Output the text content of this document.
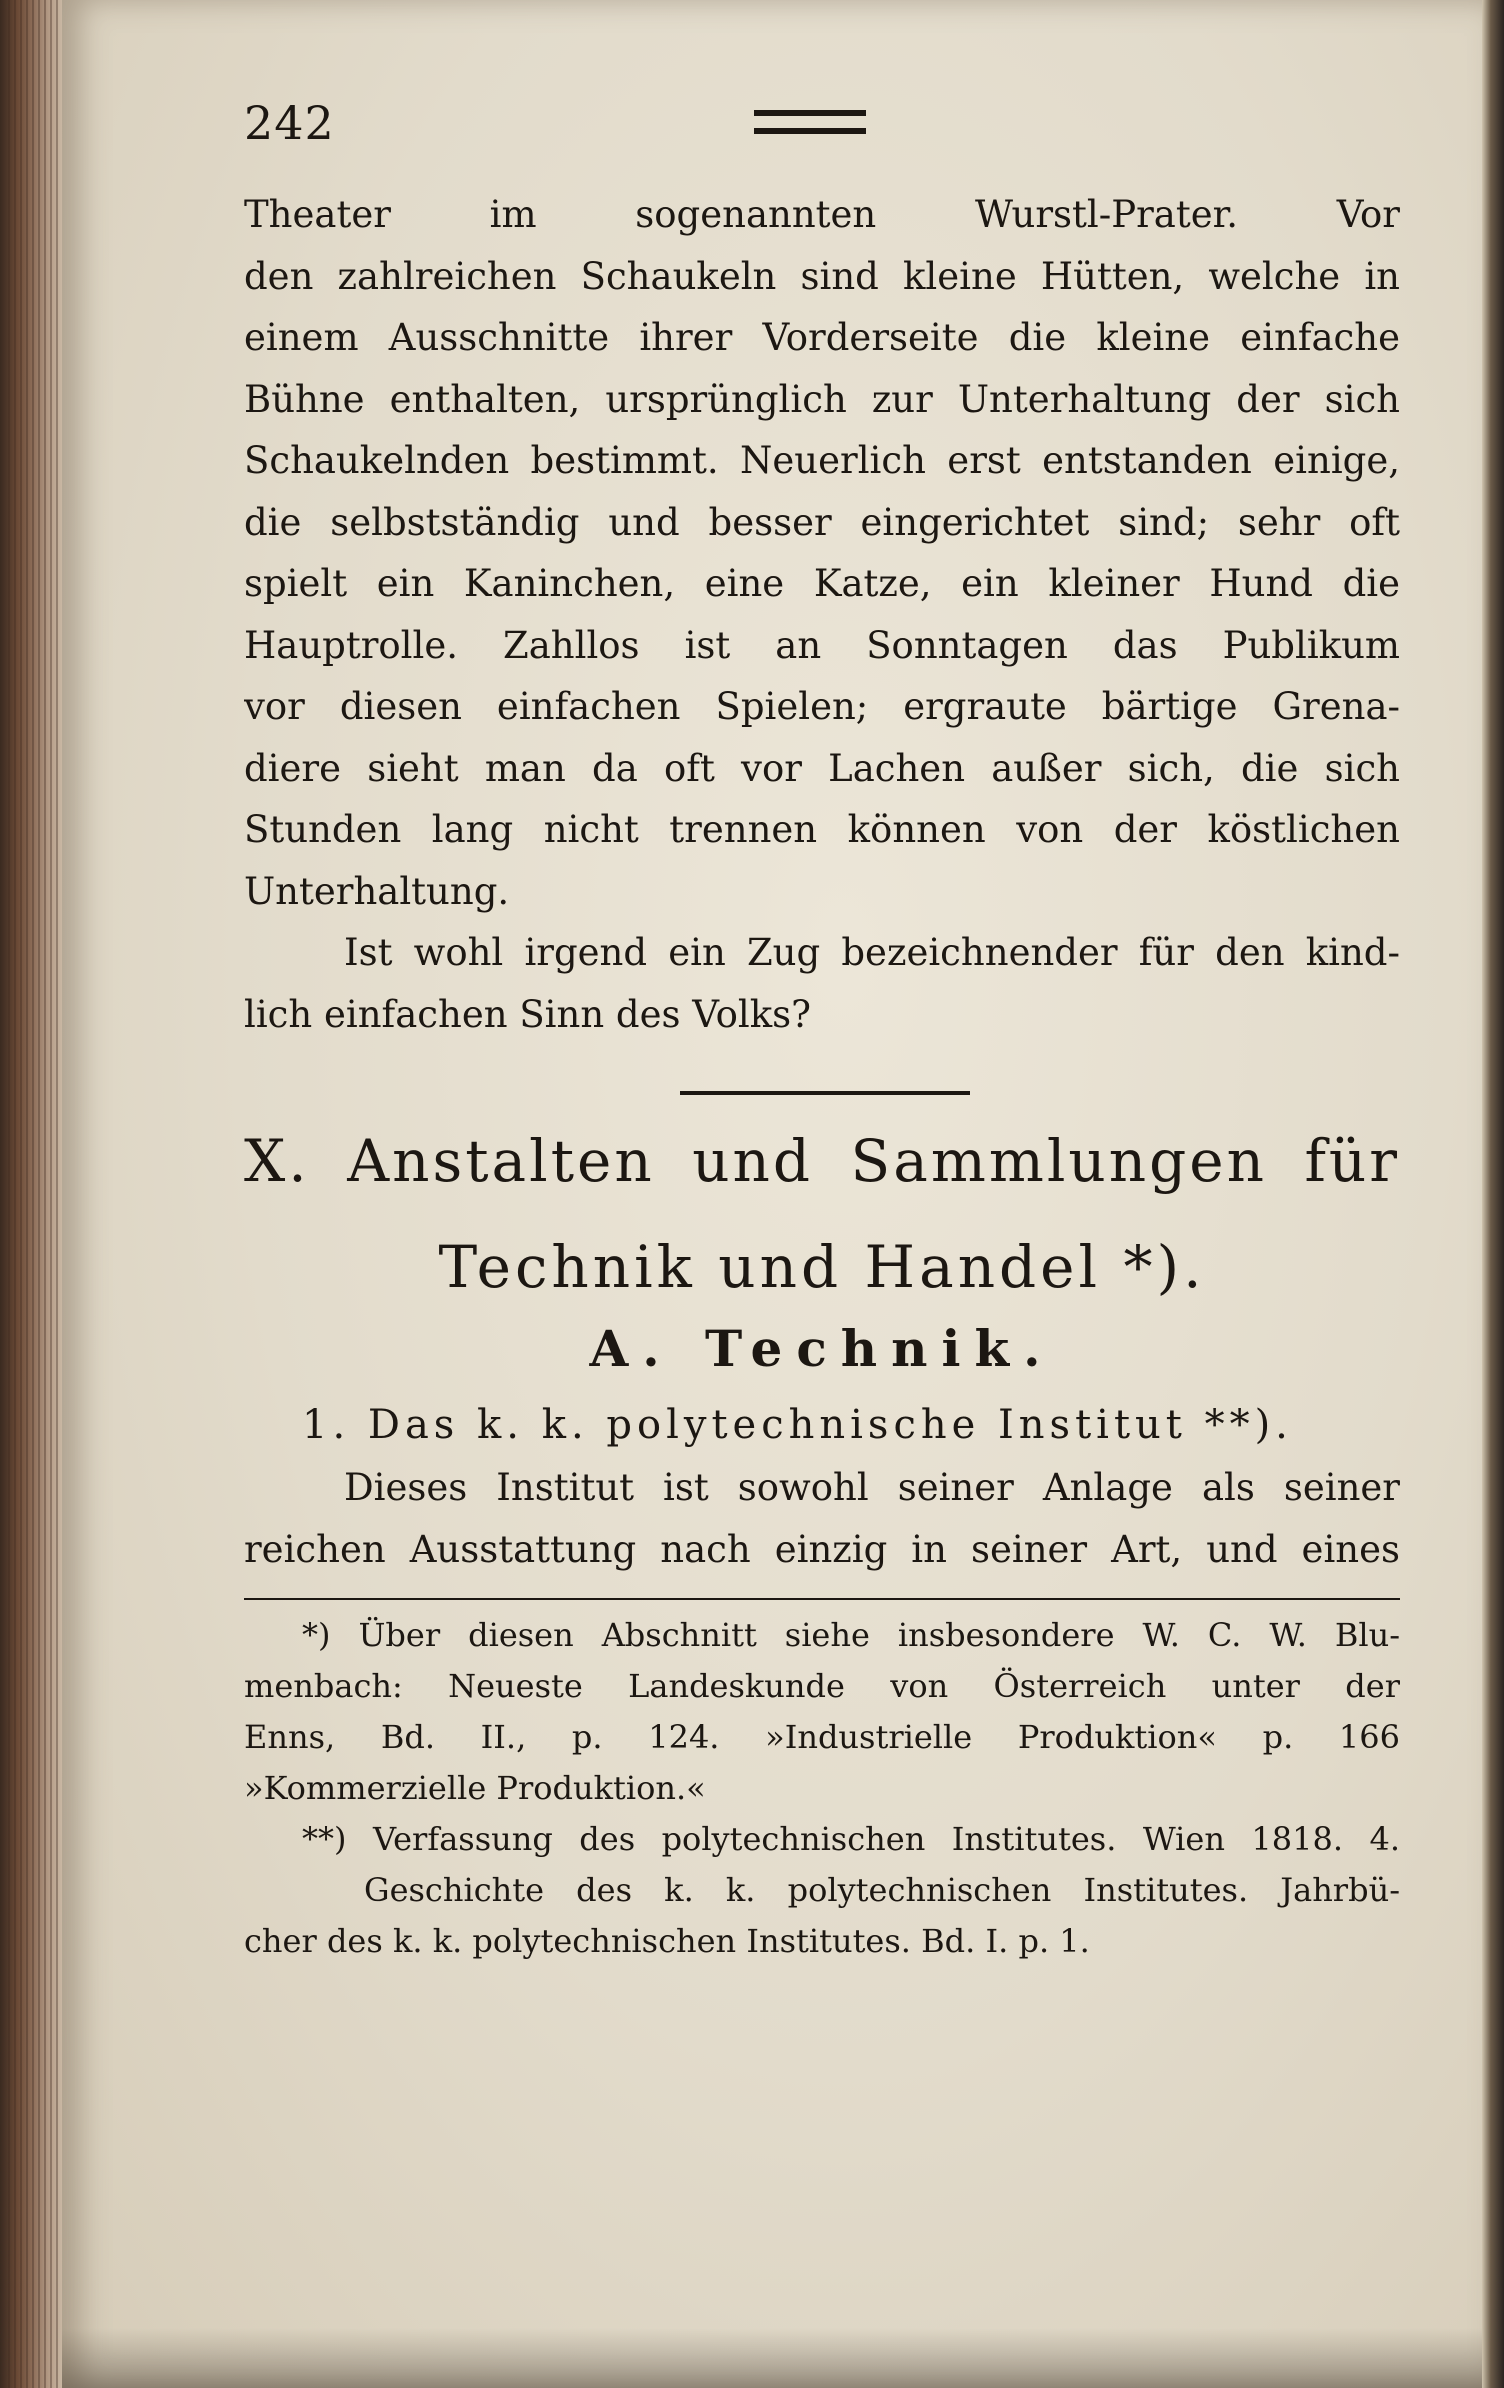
242
Theater im sogenannten Wurstl-Prater. Vor
den zahlreichen Schaukeln sind kleine Hütten, welche in
einem Ausschnitte ihrer Vorderseite die kleine einfache
Bühne enthalten, ursprünglich zur Unterhaltung der sich
Schaukelnden bestimmt. Neuerlich erst entstanden einige,
die selbstständig und besser eingerichtet sind; sehr oft
spielt ein Kaninchen, eine Katze, ein kleiner Hund die
Hauptrolle. Zahllos ist an Sonntagen das Publikum
vor diesen einfachen Spielen; ergraute bärtige Grena-
diere sieht man da oft vor Lachen außer sich, die sich
Stunden lang nicht trennen können von der köstlichen
Unterhaltung.
Ist wohl irgend ein Zug bezeichnender für den kind-
lich einfachen Sinn des Volks?
X. Anstalten und Sammlungen für
Technik und Handel *).
A. Technik.
1. Das k. k. polytechnische Institut **).
Dieses Institut ist sowohl seiner Anlage als seiner
reichen Ausstattung nach einzig in seiner Art, und eines
*) Über diesen Abschnitt siehe insbesondere W. C. W. Blu-
menbach: Neueste Landeskunde von Österreich unter der
Enns, Bd. II., p. 124. »Industrielle Produktion« p. 166
»Kommerzielle Produktion.«
**) Verfassung des polytechnischen Institutes. Wien 1818. 4.
Geschichte des k. k. polytechnischen Institutes. Jahrbü-
cher des k. k. polytechnischen Institutes. Bd. I. p. 1.
